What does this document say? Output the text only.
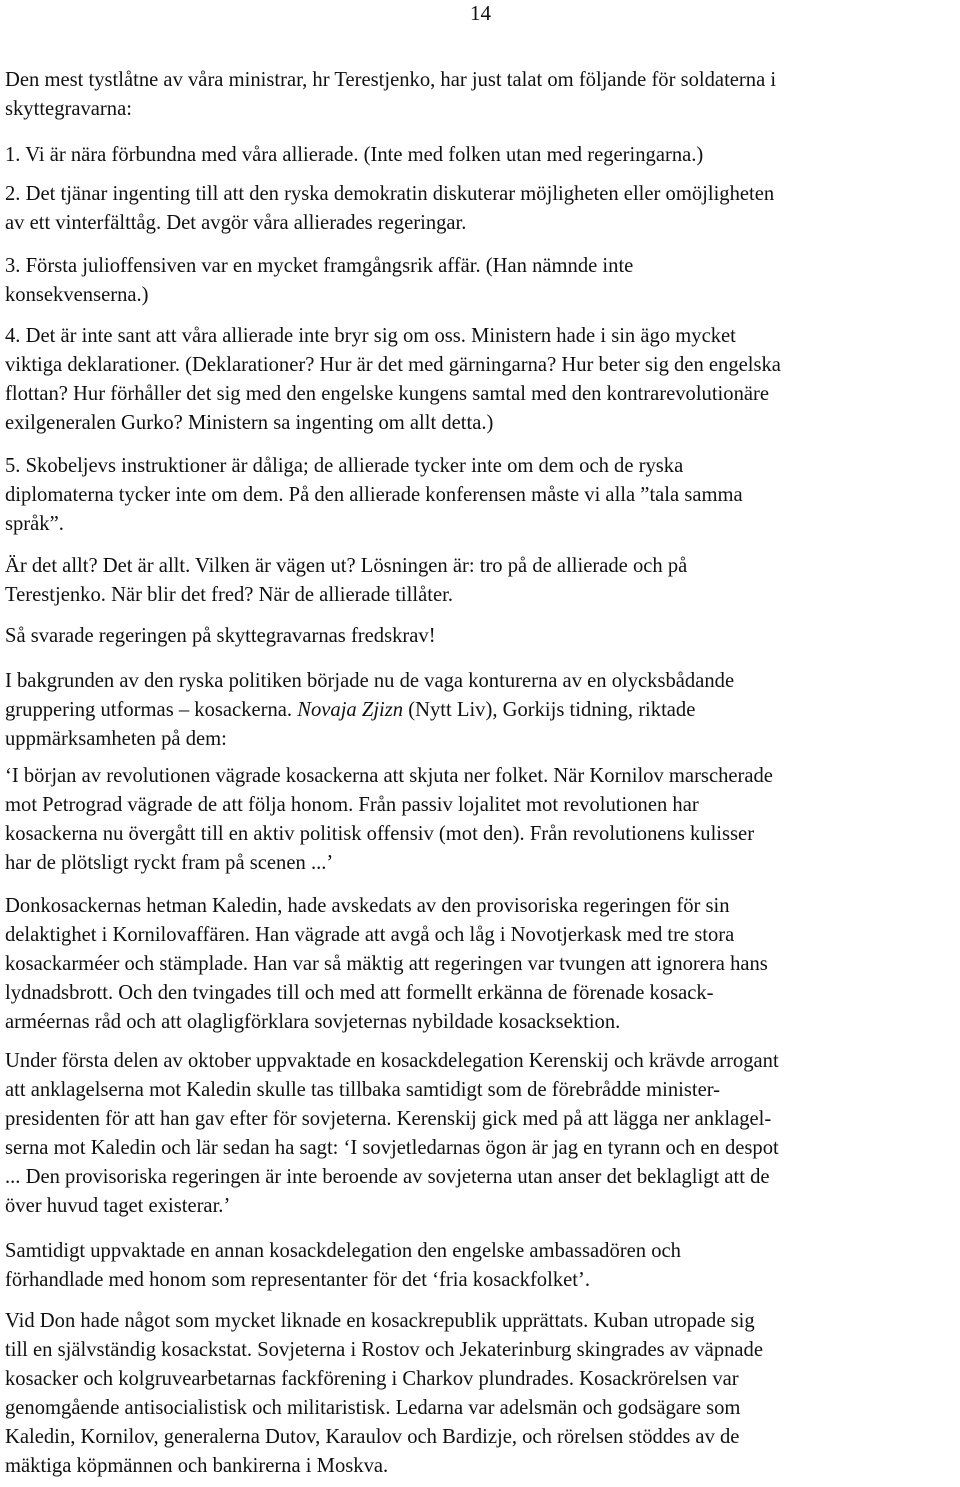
14
Den mest tystlåtne av våra ministrar, hr Terestjenko, har just talat om följande för soldaterna i
skyttegravarna:
1. Vi är nära förbundna med våra allierade. (Inte med folken utan med regeringarna.)
2. Det tjänar ingenting till att den ryska demokratin diskuterar möjligheten eller omöjligheten
av ett vinterfälttåg. Det avgör våra allierades regeringar.
3. Första julioffensiven var en mycket framgångsrik affär. (Han nämnde inte
konsekvenserna.)
4. Det är inte sant att våra allierade inte bryr sig om oss. Ministern hade i sin ägo mycket
viktiga deklarationer. (Deklarationer? Hur är det med gärningarna? Hur beter sig den engelska
flottan? Hur förhåller det sig med den engelske kungens samtal med den kontrarevolutionäre
exilgeneralen Gurko? Ministern sa ingenting om allt detta.)
5. Skobeljevs instruktioner är dåliga; de allierade tycker inte om dem och de ryska
diplomaterna tycker inte om dem. På den allierade konferensen måste vi alla ”tala samma
språk”.
Är det allt? Det är allt. Vilken är vägen ut? Lösningen är: tro på de allierade och på
Terestjenko. När blir det fred? När de allierade tillåter.
Så svarade regeringen på skyttegravarnas fredskrav!
I bakgrunden av den ryska politiken började nu de vaga konturerna av en olycksbådande
gruppering utformas – kosackerna. Novaja Zjizn (Nytt Liv), Gorkijs tidning, riktade
uppmärksamheten på dem:
‘I början av revolutionen vägrade kosackerna att skjuta ner folket. När Kornilov marscherade
mot Petrograd vägrade de att följa honom. Från passiv lojalitet mot revolutionen har
kosackerna nu övergått till en aktiv politisk offensiv (mot den). Från revolutionens kulisser
har de plötsligt ryckt fram på scenen ...’
Donkosackernas hetman Kaledin, hade avskedats av den provisoriska regeringen för sin
delaktighet i Kornilovaffären. Han vägrade att avgå och låg i Novotjerkask med tre stora
kosackarméer och stämplade. Han var så mäktig att regeringen var tvungen att ignorera hans
lydnadsbrott. Och den tvingades till och med att formellt erkänna de förenade kosack-
arméernas råd och att olagligförklara sovjeternas nybildade kosacksektion.
Under första delen av oktober uppvaktade en kosackdelegation Kerenskij och krävde arrogant
att anklagelserna mot Kaledin skulle tas tillbaka samtidigt som de förebrådde minister-
presidenten för att han gav efter för sovjeterna. Kerenskij gick med på att lägga ner anklagel-
serna mot Kaledin och lär sedan ha sagt: ‘I sovjetledarnas ögon är jag en tyrann och en despot
... Den provisoriska regeringen är inte beroende av sovjeterna utan anser det beklagligt att de
över huvud taget existerar.’
Samtidigt uppvaktade en annan kosackdelegation den engelske ambassadören och
förhandlade med honom som representanter för det ‘fria kosackfolket’.
Vid Don hade något som mycket liknade en kosackrepublik upprättats. Kuban utropade sig
till en självständig kosackstat. Sovjeterna i Rostov och Jekaterinburg skingrades av väpnade
kosacker och kolgruvearbetarnas fackförening i Charkov plundrades. Kosackrörelsen var
genomgående antisocialistisk och militaristisk. Ledarna var adelsmän och godsägare som
Kaledin, Kornilov, generalerna Dutov, Karaulov och Bardizje, och rörelsen stöddes av de
mäktiga köpmännen och bankirerna i Moskva.
